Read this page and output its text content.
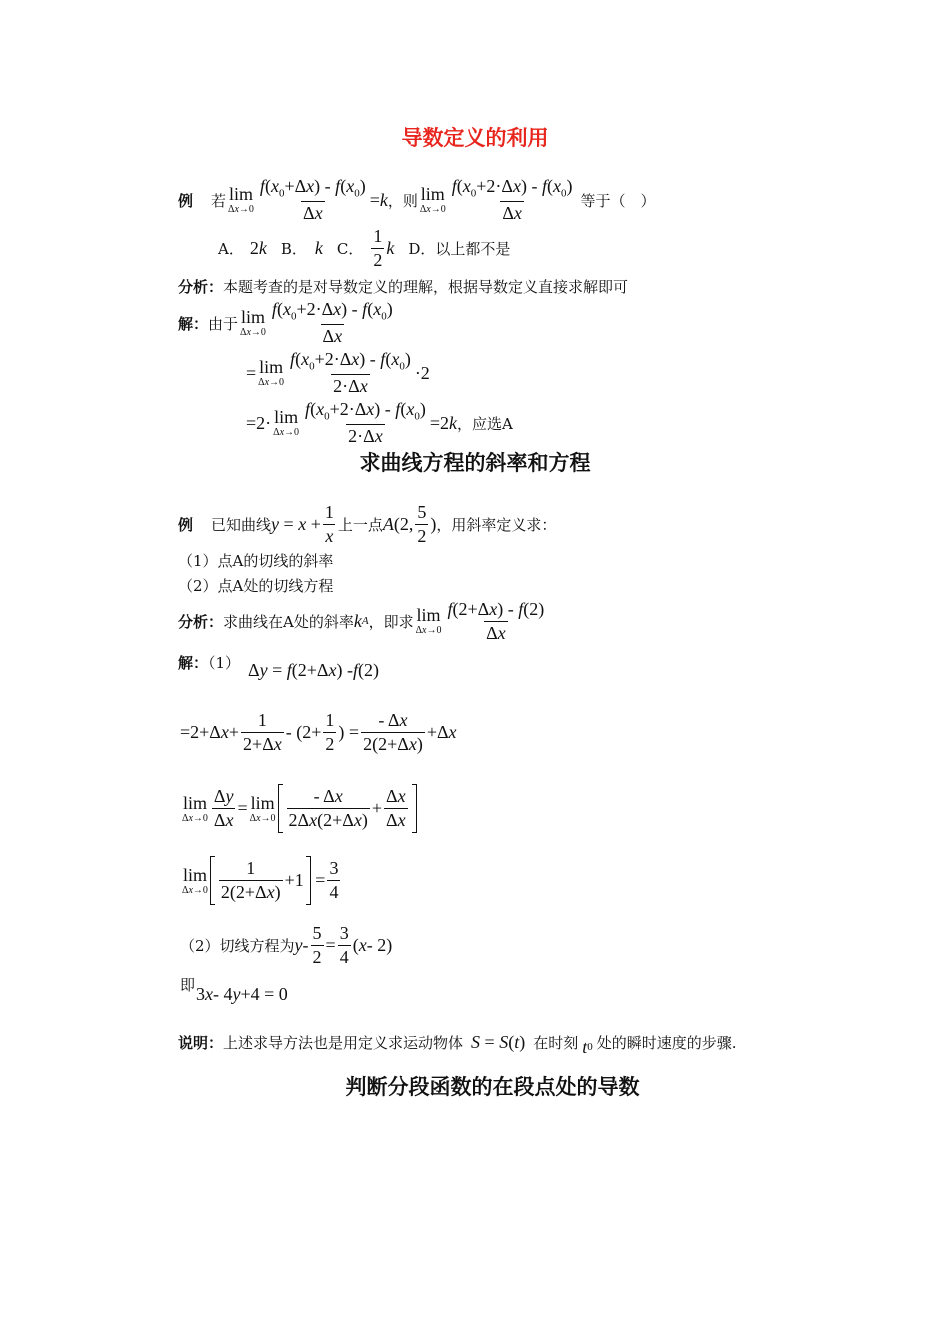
导数定义的利用
例 若 lim
$\Delta x\to 0 \frac{f(x_0+\Delta x) - f(x_0)}{\Delta x} =k$ ，则 lim
$\Delta x\to 0 \frac{f(x_0+2\cdot\Delta x) - f(x_0)}{\Delta x}$ 等于（　）
A． 2 k B． k C． $\frac{1}{2}$ k D．以上都不是
分析：本题考查的是对导数定义的理解，根据导数定义直接求解即可
解： 由于 lim
$\Delta x\to 0 \frac{f(x_0+2\cdot\Delta x) - f(x_0)}{\Delta x}$
= lim
$\Delta x\to 0 \frac{f(x_0+2\cdot\Delta x) - f(x_0)}{2\cdot\Delta x} \cdot 2$
=2· lim
$\Delta x\to 0 \frac{f(x_0+2\cdot\Delta x) - f(x_0)}{2\cdot\Delta x} =2k$ ，应选A
求曲线方程的斜率和方程
例 已知曲线 $y = x + \frac{1}{x}$ 上一点 A (2, $\frac{5}{2}$ ) ，用斜率定义求：
（1）点A的切线的斜率
（2）点A处的切线方程
分析： 求曲线在A处的斜率 k A ，即求 lim
$\Delta x\to 0 \frac{f(2+\Delta x) - f(2)}{\Delta x}$
解：（1） Δ y = f (2+Δ x ) - f (2)
=2+Δ $x + \frac{1}{2+\Delta x} - (2+ \frac{1}{2}$ ) = $\frac{- \Delta x}{2(2+\Delta x)} +\Delta$ x
lim
$\Delta x\to 0 \frac{\Delta y}{\Delta x} = \lim$
$\Delta x\to 0 \frac{- \Delta x}{2\Delta x(2+\Delta x)} + \frac{\Delta x}{\Delta x}$
lim
$\Delta x\to 0 \frac{1}{2(2+\Delta x)} +1 = \frac{3}{4}$
（2）切线方程为 $y - \frac{5}{2} = \frac{3}{4}$ ( x - 2)
即 3 x - 4 y +4 = 0
说明： 上述求导方法也是用定义求运动物体 S = S ( t ) 在时刻 t 0 处的瞬时速度的步骤.
判断分段函数的在段点处的导数
